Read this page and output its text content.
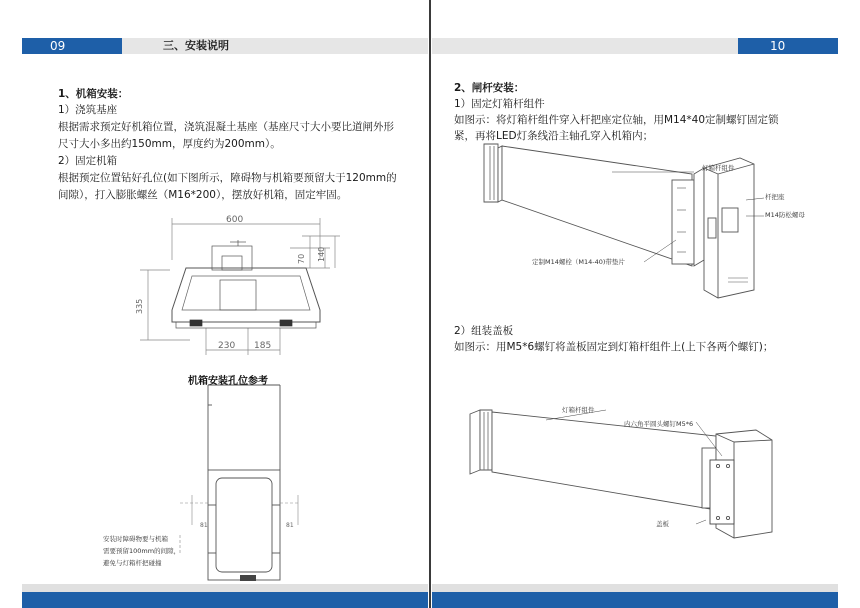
09	三、安装说明
1、机箱安装：
1）浇筑基座
根据需求预定好机箱位置，浇筑混凝土基座（基座尺寸大小要比道闸外形
尺寸大小多出约150mm，厚度约为200mm）。
2）固定机箱
根据预定位置钻好孔位(如下图所示，障碍物与机箱要预留大于120mm的
间隙），打入膨胀螺丝（M16*200），摆放好机箱，固定牢固。
600
70 140
335
230 185
机箱安装孔位参考
81	81
安装时障碍物要与机箱
需要预留100mm的间隙，
避免与灯箱杆把碰撞
10
2、闸杆安装：
1）固定灯箱杆组件
如图示：将灯箱杆组件穿入杆把座定位轴，用M14*40定制螺钉固定锁
紧，再将LED灯条线沿主轴孔穿入机箱内；
灯箱杆组件
杆把座
M14防松螺母
定制M14螺栓（M14-40)带垫片
2）组装盖板
如图示：用M5*6螺钉将盖板固定到灯箱杆组件上(上下各两个螺钉)；
灯箱杆组件
内六角平圆头螺钉M5*6
盖板
